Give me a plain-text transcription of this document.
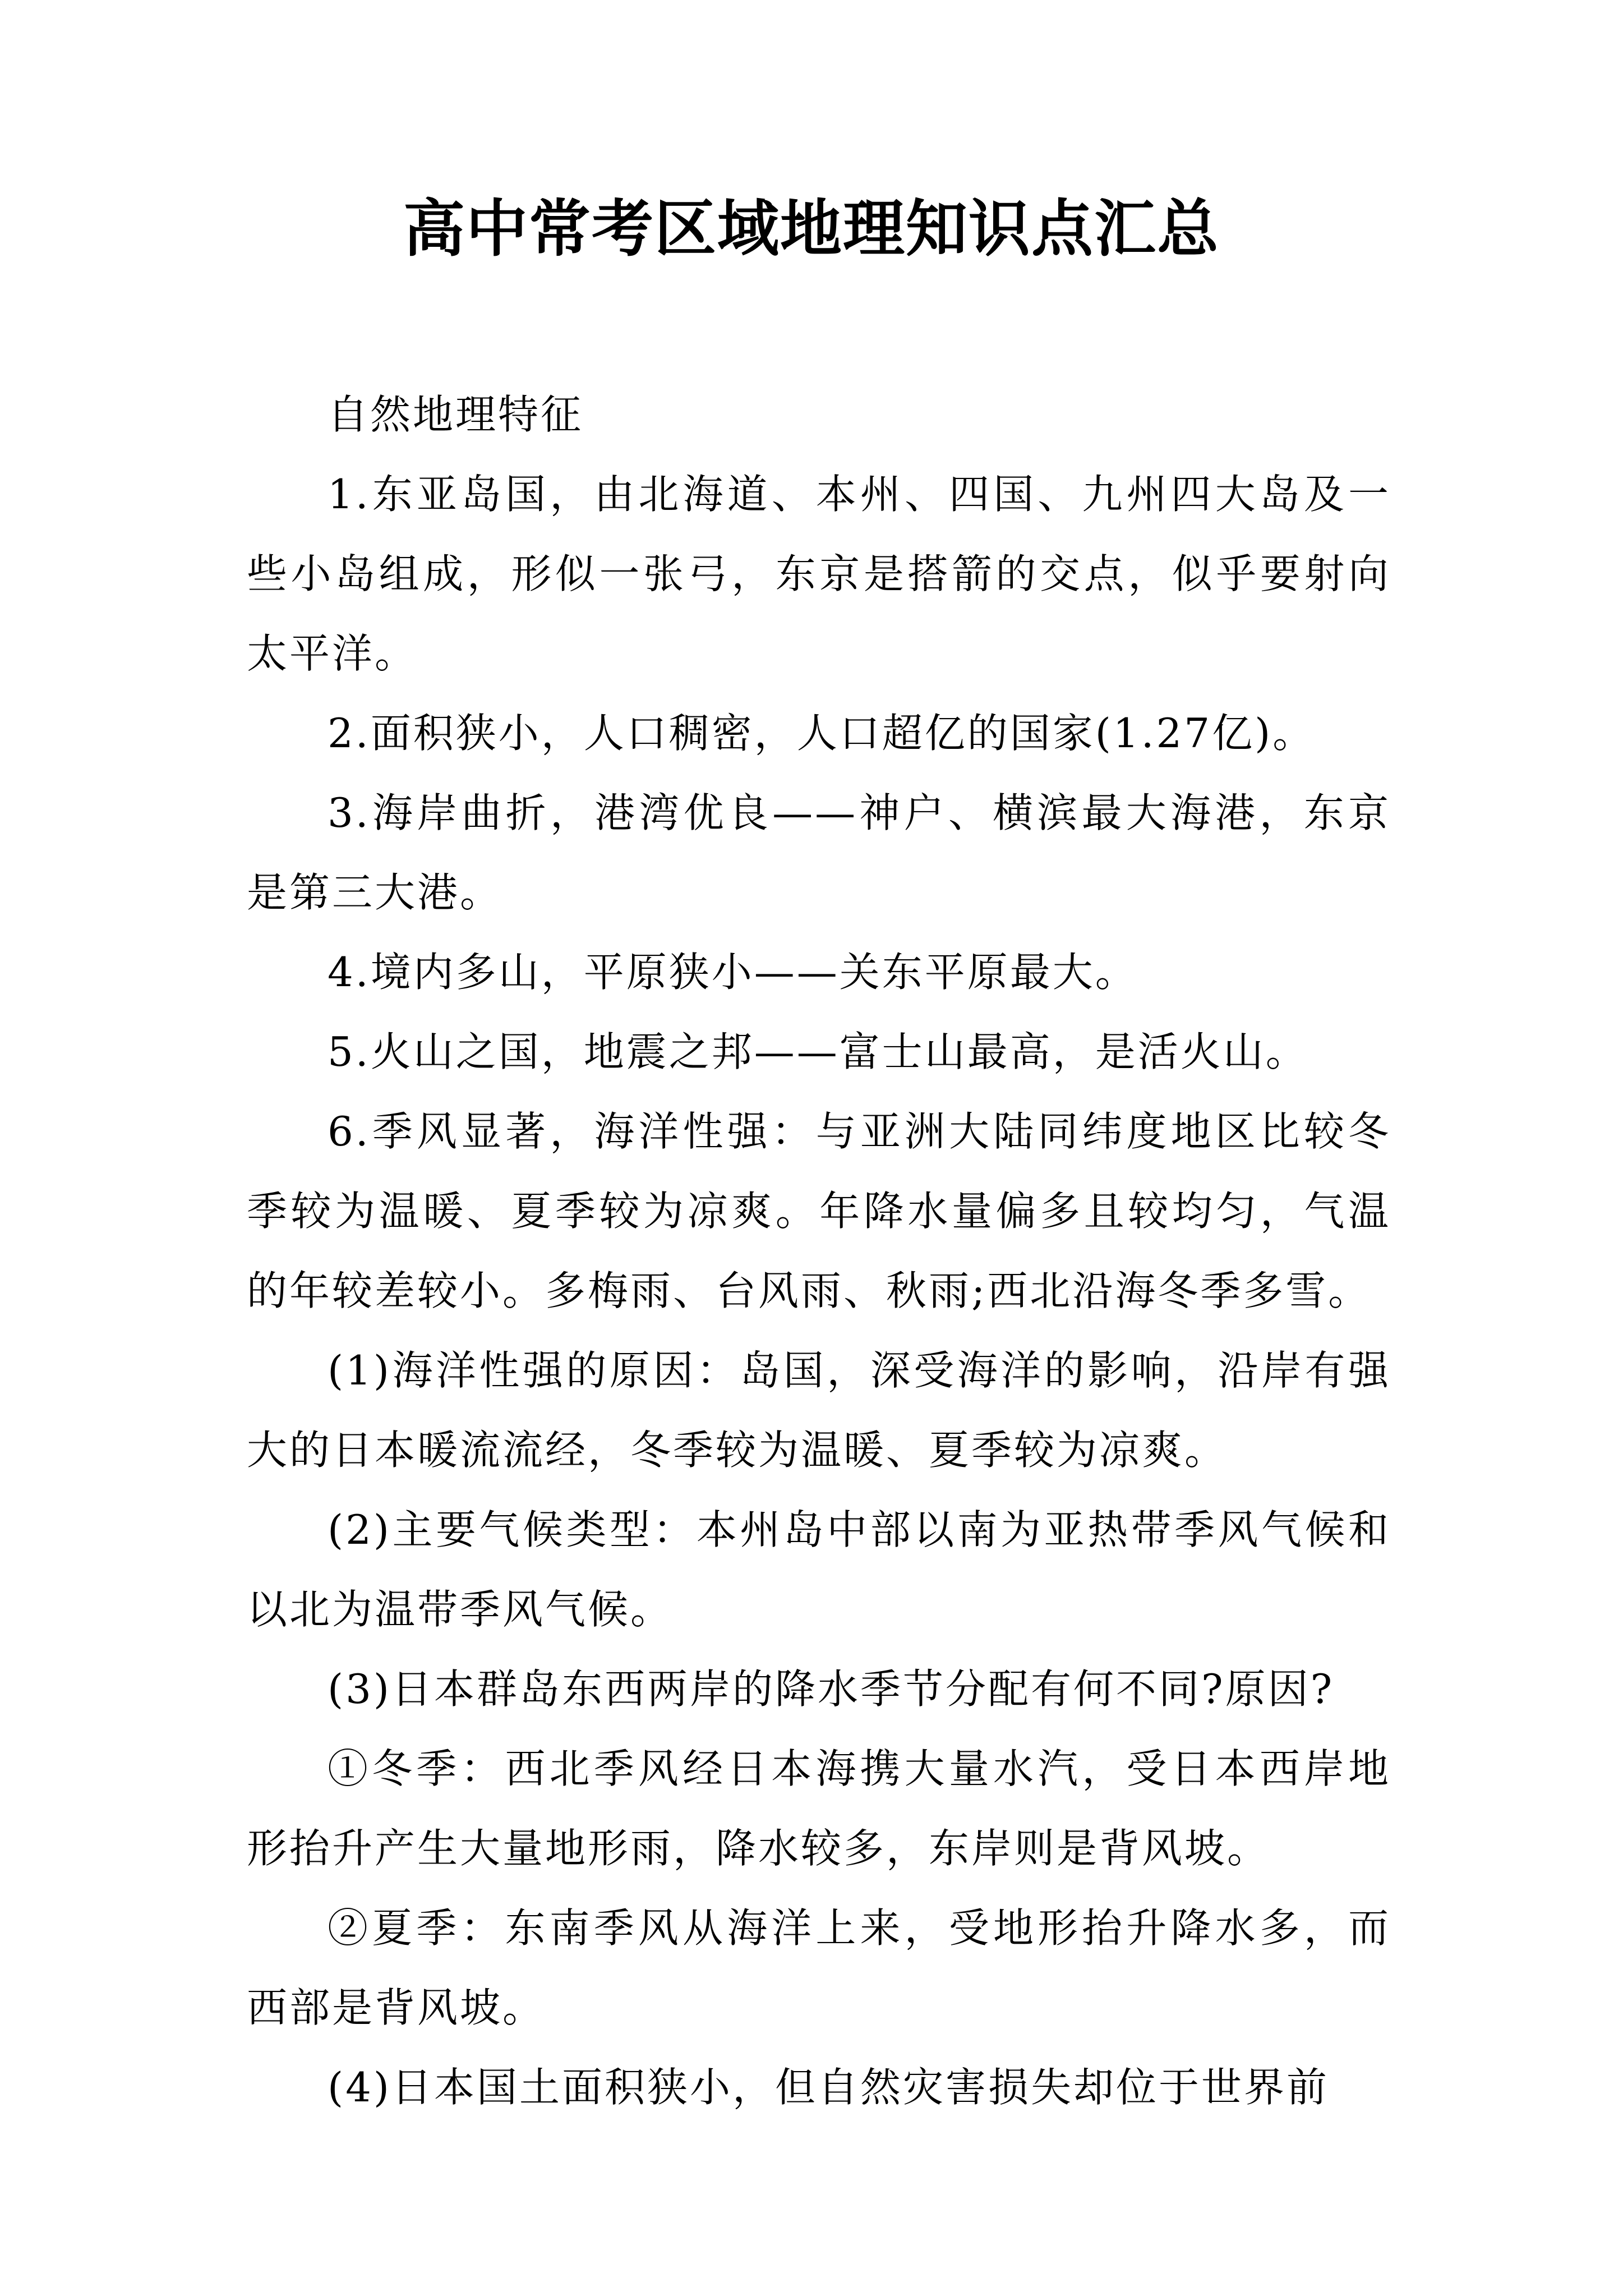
高中常考区域地理知识点汇总

自然地理特征

1.东亚岛国，由北海道、本州、四国、九州四大岛及一些小岛组成，形似一张弓，东京是搭箭的交点，似乎要射向太平洋。

2.面积狭小，人口稠密，人口超亿的国家(1.27亿)。

3.海岸曲折，港湾优良——神户、横滨最大海港，东京是第三大港。

4.境内多山，平原狭小——关东平原最大。

5.火山之国，地震之邦——富士山最高，是活火山。

6.季风显著，海洋性强：与亚洲大陆同纬度地区比较冬季较为温暖、夏季较为凉爽。年降水量偏多且较均匀，气温的年较差较小。多梅雨、台风雨、秋雨;西北沿海冬季多雪。

(1)海洋性强的原因：岛国，深受海洋的影响，沿岸有强大的日本暖流流经，冬季较为温暖、夏季较为凉爽。

(2)主要气候类型：本州岛中部以南为亚热带季风气候和以北为温带季风气候。

(3)日本群岛东西两岸的降水季节分配有何不同?原因?

①冬季：西北季风经日本海携大量水汽，受日本西岸地形抬升产生大量地形雨，降水较多，东岸则是背风坡。

②夏季：东南季风从海洋上来，受地形抬升降水多，而西部是背风坡。

(4)日本国土面积狭小，但自然灾害损失却位于世界前
